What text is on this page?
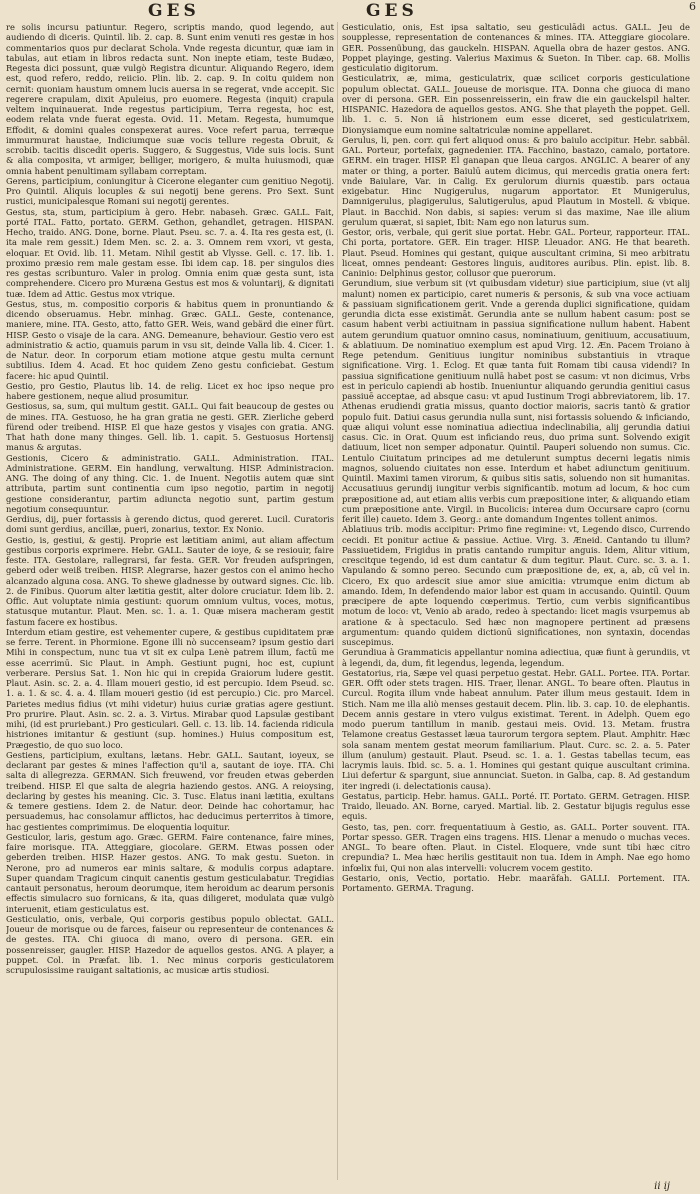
GES	GES	6

re solis incursu patiuntur. Regero, scriptis mando, quod legendo, aut audiendo di diceris. Quintil. lib. 2. cap. 8. Sunt enim venuti res gestæ in hos commentarios quos pur declarat Schola. Vnde regesta dicuntur, quæ iam in tabulas, aut etiam in libros redacta sunt. Non inepte etiam, teste Budæo, Regesta dici possunt, quæ vulgò Registra dicuntur. Aliquando Regero, idem est, quod refero, reddo, reiicio. Plin. lib. 2. cap. 9. In coitu quidem non cernit: quoniam haustum omnem lucis auersa in se regerat, vnde accepit. Sic regerere crapulam, dixit Apuleius, pro euomere. Regesta (inquit) crapula veltem inquinauerat. Inde regestus participium, Terra regesta, hoc est, eodem relata vnde fuerat egesta. Ovid. 11. Metam. Regesta, humumque Effodit, & domini quales conspexerat aures. Voce refert parua, terræque immurmurat haustae, Indiciumque suæ vocis tellure regesta Obruit, & scrobib. tacitis discedit operis. Suggero, & Suggestus, Vide suis locis. Sunt & alia composita, vt armiger, belliger, morigero, & multa huiusmodi, quæ omnia habent penultimam syllabam correptam.

Gerens, participium, coniungitur à Cicerone eleganter cum genitiuo Negotij. Pro Quintil. Aliquis locuples & sui negotij bene gerens. Pro Sext. Sunt rustici, municipalesque Romani sui negotij gerentes.

Gestus, sta, stum, participium à gero. Hebr. nabaseh. Græc. GALL. Fait, porté ITAL. Fatto, portato. GERM. Gethon, gehandlet, getragen. HISPAN. Hecho, traido. ANG. Done, borne. Plaut. Pseu. sc. 7. a. 4. Ita res gesta est, (i. ita male rem gessit.) Idem Men. sc. 2. a. 3. Omnem rem vxori, vt gesta, eloquar. Et Ovid. lib. 11. Metam. Nihil gestit ab Vlysse. Gell. c. 17. lib. 1. proximo præsio rem male gestam esse. Ibi idem cap. 18. per singulos dies res gestas scribunturo. Valer in prolog. Omnia enim quæ gesta sunt, ista comprehendere. Cicero pro Muræna Gestus est mos & voluntarij, & dignitati tuæ. Idem ad Attic. Gestus mox vtrique.

Gestus, stus, m. compositio corporis & habitus quem in pronuntiando & dicendo obseruamus. Hebr. minhag. Græc. GALL. Geste, contenance, maniere, mine. ITA. Gesto, atto, fatto GER. Weis, wand gebärd die einer fürt. HISP. Gesto o visaje de la cara. ANG. Demeanure, behaviour. Gestio vero est administratio & actio, quamuis parum in vsu sit, deinde Valla lib. 4. Cicer. 1. de Natur. deor. In corporum etiam motione atque gestu multa cernunt subtilius. Idem 4. Acad. Et hoc quidem Zeno gestu conficiebat. Gestum facere: hic apud Quintil.

Gestio, pro Gestio, Plautus lib. 14. de relig. Licet ex hoc ipso neque pro habere gestionem, neque aliud prosumitur.

Gestiosus, sa, sum, qui multum gestit. GALL. Qui fait beaucoup de gestes ou de mines. ITA. Gestuoso, he ha gran gratia ne gesti. GER. Zierliche geberd fürend oder treibend. HISP. El que haze gestos y visajes con gratia. ANG. That hath done many thinges. Gell. lib. 1. capit. 5. Gestuosus Hortensij manus & argutas.

Gestionis, Cicero & administratio. GALL. Administration. ITAL. Administratione. GERM. Ein handlung, verwaltung. HISP. Administracion. ANG. The doing of any thing. Cic. 1. de Inuent. Negotiis autem quæ sint attributa, partim sunt continentia cum ipso negotio, partim in negotij gestione considerantur, partim adiuncta negotio sunt, partim gestum negotium consequuntur.

Gerdius, dij, puer fortassis à gerendo dictus, quod gereret. Lucil. Curatoris domi sunt gerdius, ancillæ, pueri, zonarius, textor. Ex Nonio.

Gestio, is, gestiui, & gestij. Proprie est lætitiam animi, aut aliam affectum gestibus corporis exprimere. Hebr. GALL. Sauter de ioye, & se resiouir, faire feste. ITA. Gestolare, rallegrarsi, far festa. GER. Vor freuden aufspringen, geberd oder weiß treiben. HISP. Alegrarse, hazer gestos con el animo hecho alcanzado alguna cosa. ANG. To shewe gladnesse by outward signes. Cic. lib. 2. de Finibus. Quorum alter lætitia gestit, alter dolore cruciatur. Idem lib. 2. Offic. Aut voluptate nimia gestiunt: quorum omnium vultus, voces, motus, statusque mutantur. Plaut. Men. sc. 1. a. 1. Quæ misera macheram gestit fastum facere ex hostibus.

Interdum etiam gestire, est vehementer cupere, & gestibus cupiditatem præ se ferre. Terent. in Phormione. Egone illi nò succenseam? ipsum gestio dari Mihi in conspectum, nunc tua vt sit ex culpa Lenè patrem illum, factū me esse acerrimū. Sic Plaut. in Amph. Gestiunt pugni, hoc est, cupiunt verberare. Persius Sat. 1. Non hic qui in crepida Graiorum ludere gestit. Plaut. Asin. sc. 2. a. 4. Illam moueri gestio, id est percupio. Idem Pseud. sc. 1. a. 1. & sc. 4. a. 4. Illam moueri gestio (id est percupio.) Cic. pro Marcel. Parietes medius fidius (vt mihi videtur) huius curiæ gratias agere gestiunt. Pro prurire. Plaut. Asin. sc. 2. a. 3. Virtus. Mirabar quod Lapsulæ gestibant mihi, (id est pruriebant.) Pro gesticulari. Gell. c. 13. lib. 14. facienda ridicula histriones imitantur & gestiunt (sup. homines.) Huius compositum est, Prægestio, de quo suo loco.

Gestiens, participium, exultans, lætans. Hebr. GALL. Sautant, ioyeux, se declarant par gestes & mines l'affection qu'il a, sautant de ioye. ITA. Chi salta di allegrezza. GERMAN. Sich freuwend, vor freuden etwas geberden treibend. HISP. El que salta de alegria haziendo gestos. ANG. A reioysing, declaring by gestes his meaning. Cic. 3. Tusc. Elatus inani lætitia, exultans & temere gestiens. Idem 2. de Natur. deor. Deinde hac cohortamur, hac persuademus, hac consolamur afflictos, hac deducimus perterritos à timore, hac gestientes comprimimus. De eloquentia loquitur.

Gesticulor, laris, gestum ago. Græc. GERM. Faire contenance, faire mines, faire morisque. ITA. Atteggiare, giocolare. GERM. Etwas possen oder geberden treiben. HISP. Hazer gestos. ANG. To mak gestu. Sueton. in Nerone, pro ad numeros ear minis saltare, & modulis corpus adaptare. Super quandam Tragicum cinquit canentis gestum gesticulabatur. Tregidias cantauit personatus, heroum deorumque, item heroidum ac dearum personis effectis simulacro suo fornicans, & ita, quas diligeret, modulata quæ vulgò interuenit, etiam gesticulatus est.

Gesticulatio, onis, verbale, Qui corporis gestibus populo oblectat. GALL. Joueur de morisque ou de farces, faiseur ou representeur de contenances & de gestes. ITA. Chi giuoca di mano, overo di persona. GER. ein possenreisser, gaugler. HISP. Hazedor de aquellos gestos. ANG. A player, a puppet. Col. in Præfat. lib. 1. Nec minus corporis gesticulatorem scrupulosissime rauigant saltationis, ac musicæ artis studiosi.

Gesticulatio, onis, Est ipsa saltatio, seu gesticulādi actus. GALL. Jeu de soupplesse, representation de contenances & mines. ITA. Atteggiare giocolare. GER. Possenübung, das gauckeln. HISPAN. Aquella obra de hazer gestos. ANG. Poppet playinge, gesting. Valerius Maximus & Sueton. In Tiber. cap. 68. Mollis gesticulatio digitorum.

Gesticulatrix, æ, mima, gesticulatrix, quæ scilicet corporis gesticulatione populum oblectat. GALL. Joueuse de morisque. ITA. Donna che giuoca di mano over di persona. GER. Ein possenreisserin, ein fraw die ein gauckelspil halter. HISPANIC. Hazedora de aquellos gestos. ANG. She that playeth the poppet. Gell. lib. 1. c. 5. Non iā histrionem eum esse diceret, sed gesticulatrixem, Dionysiamque eum nomine saltatriculæ nomine appellaret.

Gerulus, li, pen. corr. qui fert aliquod onus: & pro baiulo accipitur. Hebr. sabbāl. GAL. Porteur, portefaix, gagnedenier. ITA. Facchino, bastazo, camalo, portatore. GERM. ein trager. HISP. El ganapan que lleua cargos. ANGLIC. A bearer of any mater or thing, a porter. Baiulū autem dicimus, qui mercedis gratia onera fert: vnde Baiulare, Var. in Calig. Ex gerulorum diurnis quæstib. pars octaua exigebatur. Hinc Nugigerulus, nugarum apportator. Et Munigerulus, Damnigerulus, plagigerulus, Salutigerulus, apud Plautum in Mostell. & vbique. Plaut. in Bacchid. Non dabis, si sapies: verum si das maxime, Nae ille alium gerulum quærat, si sapiet, Ibit: Nam ego non laturus sum.

Gestor, oris, verbale, qui gerit siue portat. Hebr. GAL. Porteur, rapporteur. ITAL. Chi porta, portatore. GER. Ein trager. HISP. Lleuador. ANG. He that beareth. Plaut. Pseud. Homines qui gestant, quique auscultant crimina, Si meo arbitratu liceat, omnes pendeant: Gestores linguis, auditores auribus. Plin. epist. lib. 8. Caninio: Delphinus gestor, collusor que puerorum.

Gerundium, siue verbum sit (vt quibusdam videtur) siue participium, siue (vt alij malunt) nomen ex participio, caret numeris & personis, & sub vna voce actiuam & passiuam significationem gerit. Vnde a gerenda duplici significatione, quidam gerundia dicta esse existimāt. Gerundia ante se nullum habent casum: post se casum habent verbi actiuitnam in passiua significatione nullum habent. Habent autem gerundium quatuor omnino casus, nominatiuum, genitiuum, accusatiuum, & ablatiuum. De nominatiuo exemplum est apud Virg. 12. Æn. Pacem Troiano à Rege petendum. Genitiuus iungitur nominibus substantiuis in vtraque significatione. Virg. 1. Eclog. Et quæ tanta fuit Romam tibi causa videndi? In passiua significatione genitiuum nullā habet post se casum: vt non dicimus, Vrbs est in periculo capiendi ab hostib. Inueniuntur aliquando gerundia genitiui casus passiuē acceptae, ad absque casu: vt apud Iustinum Trogi abbreviatorem, lib. 17. Athenas erudiendi gratia missus, quanto doctior maioris, sacris tantò & gratior populo fuit. Datiui casus gerundia nulla sunt, nisi fortassis soluendo & inficiando, quæ aliqui volunt esse nominatiua adiectiua indeclinabilia, alij gerundia datiui casus. Cic. in Orat. Quum est inficiando reus, duo prima sunt. Solvendo exigit datiuum, licet non semper adponatur. Quintil. Pauperi soluendo non sumus. Cic. Lentulo Ciuitatum principes ad me detulerunt sumptus decerni legatis nimis magnos, soluendo ciuitates non esse. Interdum et habet adiunctum genitiuum. Quintil. Maximi tamen virorum, & quibus sitis satis, soluendo non sit humanitas. Accusatiuus gerundij iungitur verbis significantib. motum ad locum, & hoc cum præpositione ad, aut etiam aliis verbis cum præpositione inter, & aliquando etiam cum præpositione ante. Virgil. in Bucolicis: interea dum Occursare capro (cornu ferit ille) caueto. Idem 3. Georg.: ante domandum Ingentes tollent animos.

Ablatiuus trib. modis accipitur: Primo fine regimine: vt, Legendo disco, Currendo cecidi. Et ponitur actiue & passiue. Actiue. Virg. 3. Æneid. Cantando tu illum? Passiuetidem, Frigidus in pratis cantando rumpitur anguis. Idem, Alitur vitium, crescitque tegendo, id est dum cantatur & dum tegitur. Plaut. Curc. sc. 3. a. 1. Vapulando & somno pereo. Secundo cum præpositione de, ex, a, ab, cū vel in. Cicero, Ex quo ardescit siue amor siue amicitia: vtrumque enim dictum ab amando. Idem, In defendendo maior labor est quam in accusando. Quintil. Quum præcipere de apte loquendo cœperimus. Tertio, cum verbis significantibus motum de loco: vt, Venio ab arado, redeo à spectando: licet magis vsurpemus ab aratione & à spectaculo. Sed hæc non magnopere pertinent ad præsens argumentum: quando quidem dictionū significationes, non syntaxin, docendas suscepimus.

Gerundiua à Grammaticis appellantur nomina adiectiua, quæ fiunt à gerundiis, vt à legendi, da, dum, fit legendus, legenda, legendum.

Gestatorius, ria, Sæpe vel quasi perpetuo gestat. Hebr. GALL. Portee. ITA. Portar. GER. Offt oder stets tragen. HIS. Traer, llenar. ANGL. To beare often. Plautus in Curcul. Rogita illum vnde habeat annulum. Pater illum meus gestauit. Idem in Stich. Nam me illa aliò menses gestauit decem. Plin. lib. 3. cap. 10. de elephantis. Decem annis gestare in vtero vulgus existimat. Terent. in Adelph. Quem ego modo puerum tantillum in manib. gestaui meis. Ovid. 13. Metam. frustra Telamone creatus Gestasset læua taurorum tergora septem. Plaut. Amphitr. Hæc sola sanam mentem gestat meorum familiarium. Plaut. Curc. sc. 2. a. 5. Pater illum (anulum) gestauit. Plaut. Pseud. sc. 1. a. 1. Gestas tabellas tecum, eas lacrymis lauis. Ibid. sc. 5. a. 1. Homines qui gestant quique auscultant crimina. Liui defertur & spargunt, siue annunciat. Sueton. in Galba, cap. 8. Ad gestandum iter ingredi (i. delectationis causa).

Gestatus, particip. Hebr. hamus. GALL. Porté. IT. Portato. GERM. Getragen. HISP. Traido, lleuado. AN. Borne, caryed. Martial. lib. 2. Gestatur bijugis regulus esse equis.

Gesto, tas, pen. corr. frequentatiuum à Gestio, as. GALL. Porter souvent. ITA. Portar spesso. GER. Tragen eins tragens. HIS. Llenar a menudo o muchas veces. ANGL. To beare often. Plaut. in Cistel. Eloquere, vnde sunt tibi hæc citro crepundia? L. Mea hæc herilis gestitauit non tua. Idem in Amph. Nae ego homo infœlix fui, Qui non alas intervelli: volucrem vocem gestito.

Gestario, onis, Vectio, portatio. Hebr. maarāfah. GALLI. Portement. ITA. Portamento. GERMA. Tragung.

ii ij
